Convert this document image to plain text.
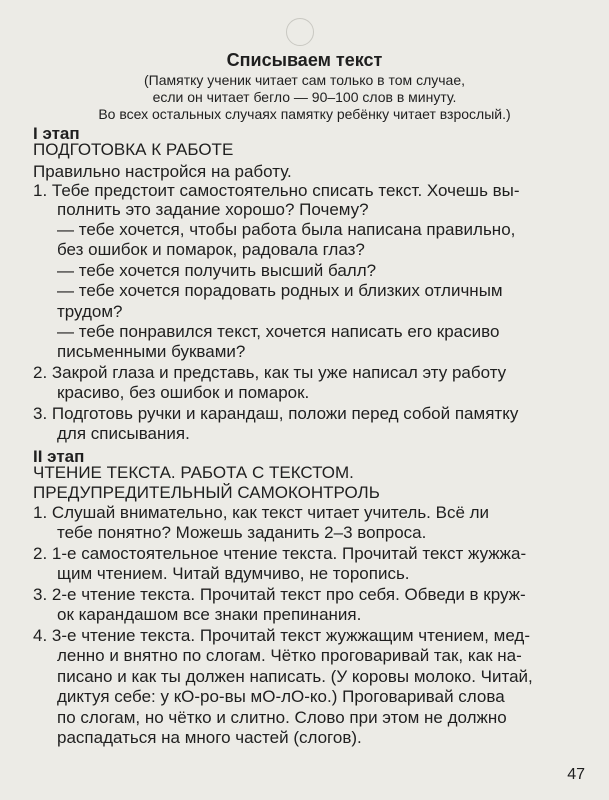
Списываем текст
(Памятку ученик читает сам только в том случае,
если он читает бегло — 90–100 слов в минуту.
Во всех остальных случаях памятку ребёнку читает взрослый.)
I этап
ПОДГОТОВКА К РАБОТЕ
Правильно настройся на работу.
1. Тебе предстоит самостоятельно списать текст. Хочешь вы-
полнить это задание хорошо? Почему?
— тебе хочется, чтобы работа была написана правильно,
без ошибок и помарок, радовала глаз?
— тебе хочется получить высший балл?
— тебе хочется порадовать родных и близких отличным
трудом?
— тебе понравился текст, хочется написать его красиво
письменными буквами?
2. Закрой глаза и представь, как ты уже написал эту работу
красиво, без ошибок и помарок.
3. Подготовь ручки и карандаш, положи перед собой памятку
для списывания.
II этап
ЧТЕНИЕ ТЕКСТА. РАБОТА С ТЕКСТОМ.
ПРЕДУПРЕДИТЕЛЬНЫЙ САМОКОНТРОЛЬ
1. Слушай внимательно, как текст читает учитель. Всё ли
тебе понятно? Можешь заданить 2–3 вопроса.
2. 1-е самостоятельное чтение текста. Прочитай текст жужжа-
щим чтением. Читай вдумчиво, не торопись.
3. 2-е чтение текста. Прочитай текст про себя. Обведи в круж-
ок карандашом все знаки препинания.
4. 3-е чтение текста. Прочитай текст жужжащим чтением, мед-
ленно и внятно по слогам. Чётко проговаривай так, как на-
писано и как ты должен написать. (У коровы молоко. Читай,
диктуя себе: у кО-ро-вы мО-лО-ко.) Проговаривай слова
по слогам, но чётко и слитно. Слово при этом не должно
распадаться на много частей (слогов).
47
